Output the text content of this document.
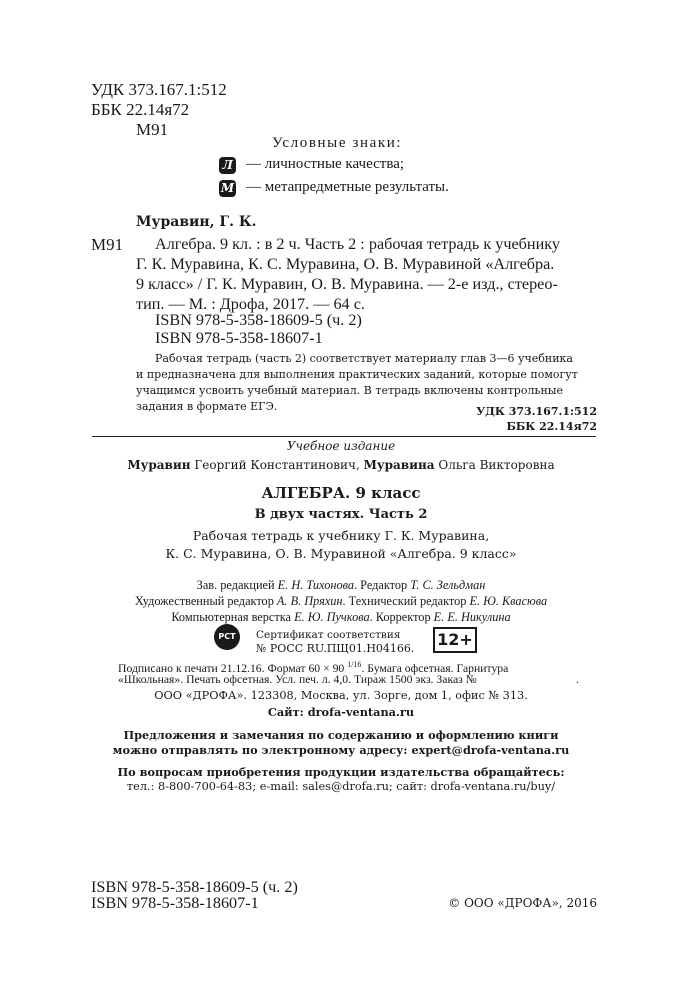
УДК 373.167.1:512
ББК 22.14я72
М91
Условные знаки:
Л — личностные качества;
М — метапредметные результаты.
Муравин, Г. К.
М91 Алгебра. 9 кл. : в 2 ч. Часть 2 : рабочая тетрадь к учебнику
Г. К. Муравина, К. С. Муравина, О. В. Муравиной «Алгебра.
9 класс» / Г. К. Муравин, О. В. Муравина. — 2-е изд., стерео-
тип. — М. : Дрофа, 2017. — 64 с.
ISBN 978-5-358-18609-5 (ч. 2)
ISBN 978-5-358-18607-1
Рабочая тетрадь (часть 2) соответствует материалу глав 3—6 учебника
и предназначена для выполнения практических заданий, которые помогут
учащимся усвоить учебный материал. В тетрадь включены контрольные
задания в формате ЕГЭ.	УДК 373.167.1:512
ББК 22.14я72
Учебное издание
Муравин Георгий Константинович, Муравина Ольга Викторовна
АЛГЕБРА. 9 класс
В двух частях. Часть 2
Рабочая тетрадь к учебнику Г. К. Муравина,
К. С. Муравина, О. В. Муравиной «Алгебра. 9 класс»
Зав. редакцией Е. Н. Тихонова. Редактор Т. С. Зельдман
Художественный редактор А. В. Пряхин. Технический редактор Е. Ю. Квасюва
Компьютерная верстка Е. Ю. Пучкова. Корректор Е. Е. Никулина
РСТ	Сертификат соответствия
№ РОСС RU.ПЩ01.Н04166. 12+
Подписано к печати 21.12.16. Формат 60 × 90 $^{1/16}$. Бумага офсетная. Гарнитура
«Школьная». Печать офсетная. Усл. печ. л. 4,0. Тираж 1500 экз. Заказ №	.
ООО «ДРОФА». 123308, Москва, ул. Зорге, дом 1, офис № 313.
Сайт: drofa-ventana.ru
Предложения и замечания по содержанию и оформлению книги
можно отправлять по электронному адресу: expert@drofa-ventana.ru
По вопросам приобретения продукции издательства обращайтесь:
тел.: 8-800-700-64-83; e-mail: sales@drofa.ru; сайт: drofa-ventana.ru/buy/
ISBN 978-5-358-18609-5 (ч. 2)
ISBN 978-5-358-18607-1	© ООО «ДРОФА», 2016
